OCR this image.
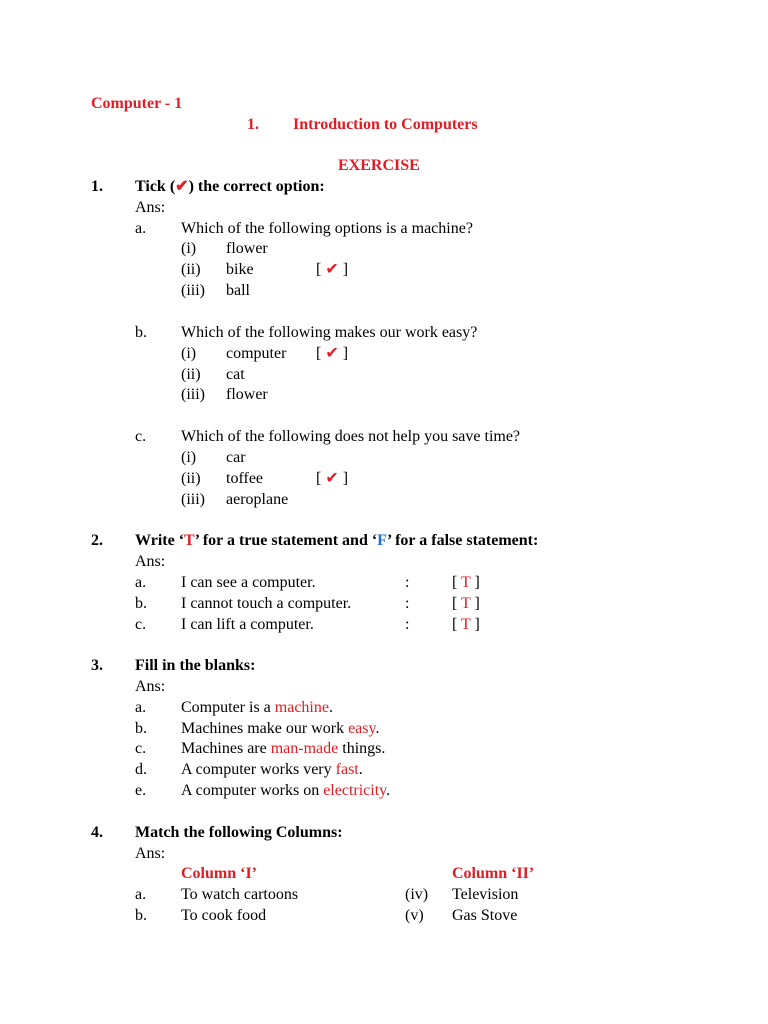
Computer - 1
1. Introduction to Computers
EXERCISE
1. Tick (✔) the correct option:
Ans:
a. Which of the following options is a machine?
(i) flower
(ii) bike	[ ✔ ]
(iii) ball
b. Which of the following makes our work easy?
(i) computer [ ✔ ]
(ii) cat
(iii) flower
c. Which of the following does not help you save time?
(i) car
(ii) toffee	[ ✔ ]
(iii) aeroplane
2. Write ‘T’ for a true statement and ‘F’ for a false statement:
Ans:
a. I can see a computer.	:	[ T ]
b. I cannot touch a computer.	:	[ T ]
c. I can lift a computer.	:	[ T ]
3. Fill in the blanks:
Ans:
a. Computer is a machine.
b. Machines make our work easy.
c. Machines are man-made things.
d. A computer works very fast.
e. A computer works on electricity.
4. Match the following Columns:
Ans:
Column ‘I’	Column ‘II’
a. To watch cartoons	(iv) Television
b. To cook food	(v) Gas Stove
